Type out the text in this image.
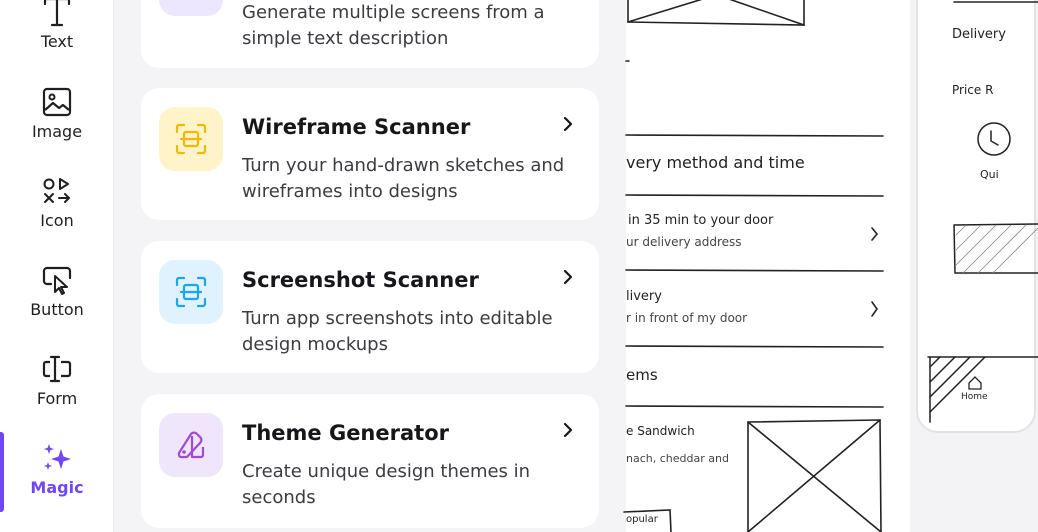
Text
Image
Icon
Button
Form
Magic
Generate multiple screens from a simple text description
Wireframe Scanner
Turn your hand-drawn sketches and wireframes into designs
Screenshot Scanner
Turn app screenshots into editable design mockups
Theme Generator
Create unique design themes in seconds
very method and time
in 35 min to your door
ur delivery address
livery
r in front of my door
ems
e Sandwich
nach, cheddar and
opular
Delivery
Price R
Qui
Home
